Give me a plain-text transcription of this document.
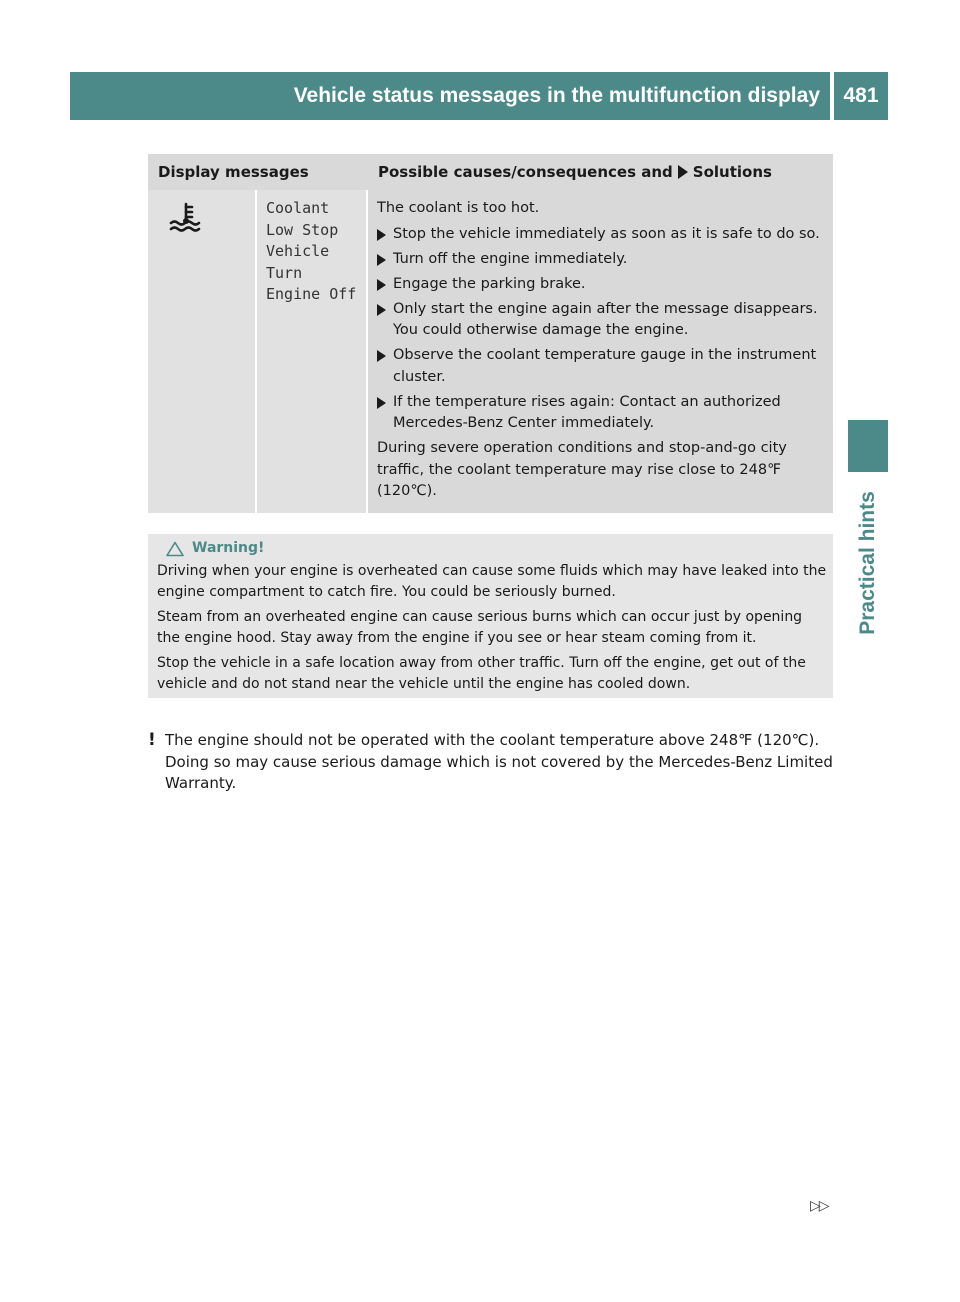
Vehicle status messages in the multifunction display	481
Practical hints
Display messages	Possible causes/consequences and Solutions
Coolant
Low Stop
Vehicle
Turn
Engine Off
The coolant is too hot.
Stop the vehicle immediately as soon as it is safe to do so.
Turn off the engine immediately.
Engage the parking brake.
Only start the engine again after the message disappears. You could otherwise damage the engine.
Observe the coolant temperature gauge in the instrument cluster.
If the temperature rises again: Contact an authorized Mercedes-Benz Center immediately.
During severe operation conditions and stop-and-go city traffic, the coolant temperature may rise close to 248℉ (120℃).
Warning!

Driving when your engine is overheated can cause some fluids which may have leaked into the engine compartment to catch fire. You could be seriously burned.

Steam from an overheated engine can cause serious burns which can occur just by opening the engine hood. Stay away from the engine if you see or hear steam coming from it.

Stop the vehicle in a safe location away from other traffic. Turn off the engine, get out of the vehicle and do not stand near the vehicle until the engine has cooled down.

! The engine should not be operated with the coolant temperature above 248℉ (120℃). Doing so may cause serious damage which is not covered by the Mercedes-Benz Limited Warranty.
▷▷
